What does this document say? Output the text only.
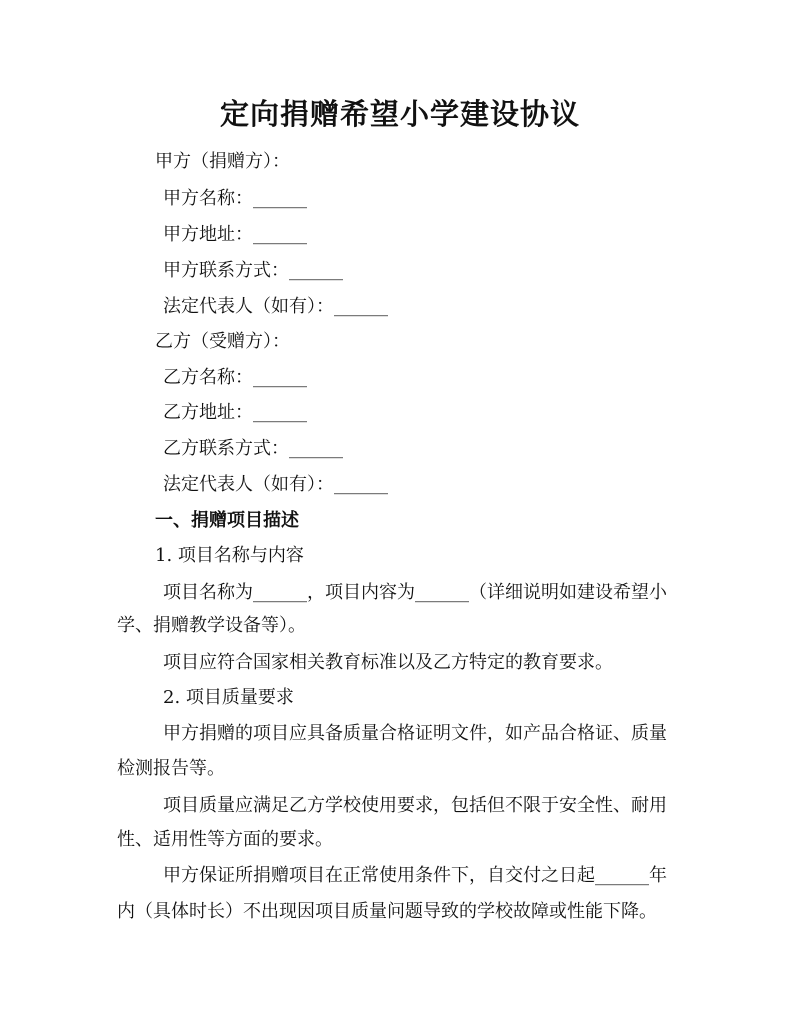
定向捐赠希望小学建设协议
甲方（捐赠方）：
甲方名称：______
甲方地址：______
甲方联系方式：______
法定代表人（如有）：______
乙方（受赠方）：
乙方名称：______
乙方地址：______
乙方联系方式：______
法定代表人（如有）：______
一、捐赠项目描述
1. 项目名称与内容
项目名称为______，项目内容为______（详细说明如建设希望小
学、捐赠教学设备等）。
项目应符合国家相关教育标准以及乙方特定的教育要求。
2. 项目质量要求
甲方捐赠的项目应具备质量合格证明文件，如产品合格证、质量
检测报告等。
项目质量应满足乙方学校使用要求，包括但不限于安全性、耐用
性、适用性等方面的要求。
甲方保证所捐赠项目在正常使用条件下，自交付之日起______年
内（具体时长）不出现因项目质量问题导致的学校故障或性能下降。
